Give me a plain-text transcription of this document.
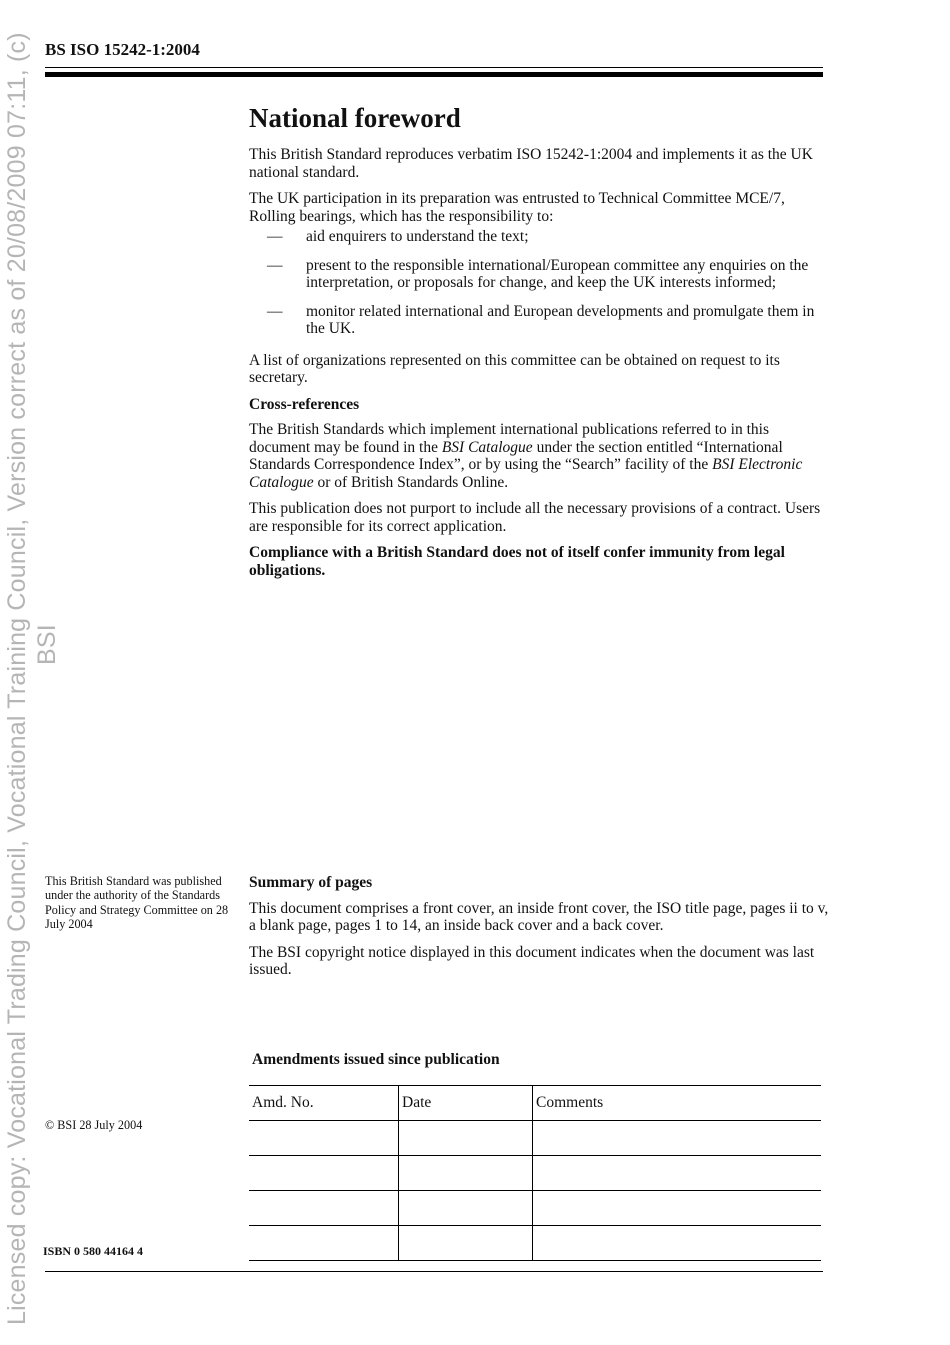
Licensed copy: Vocational Trading Council, Vocational Training Council, Version correct as of 20/08/2009 07:11, (c) BSI
BS ISO 15242-1:2004
National foreword

This British Standard reproduces verbatim ISO 15242-1:2004 and implements it as the UK national standard.

The UK participation in its preparation was entrusted to Technical Committee MCE/7, Rolling bearings, which has the responsibility to:

— aid enquirers to understand the text;
— present to the responsible international/European committee any enquiries on the interpretation, or proposals for change, and keep the UK interests informed;
— monitor related international and European developments and promulgate them in the UK.

A list of organizations represented on this committee can be obtained on request to its secretary.

Cross-references

The British Standards which implement international publications referred to in this document may be found in the BSI Catalogue under the section entitled “International Standards Correspondence Index”, or by using the “Search” facility of the BSI Electronic Catalogue or of British Standards Online.

This publication does not purport to include all the necessary provisions of a contract. Users are responsible for its correct application.

Compliance with a British Standard does not of itself confer immunity from legal obligations.

This British Standard was published under the authority of the Standards Policy and Strategy Committee on 28 July 2004

Summary of pages

This document comprises a front cover, an inside front cover, the ISO title page, pages ii to v, a blank page, pages 1 to 14, an inside back cover and a back cover.

The BSI copyright notice displayed in this document indicates when the document was last issued.

Amendments issued since publication
Amd. No.	Date	Comments

© BSI 28 July 2004
ISBN 0 580 44164 4
